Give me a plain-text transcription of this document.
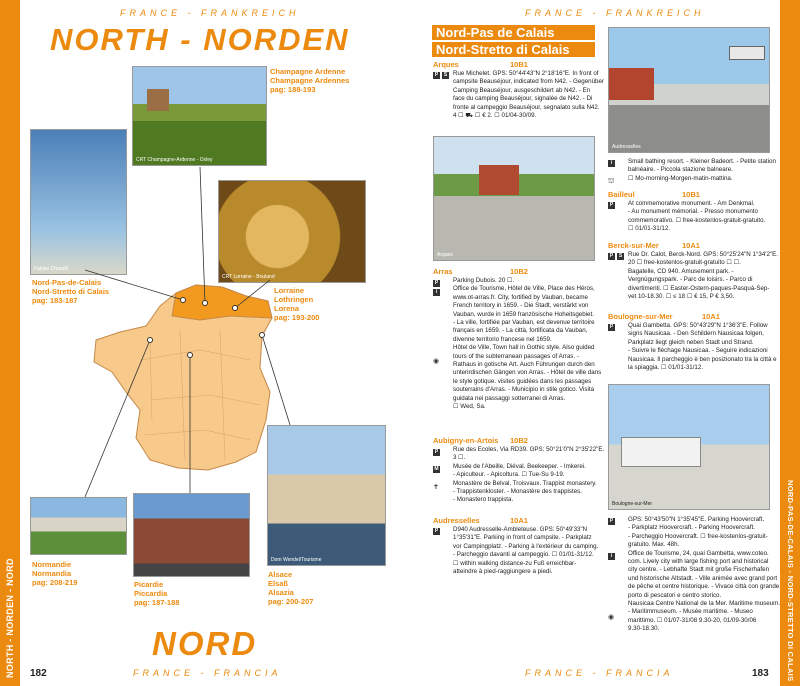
NORTH - NORDEN - NORD
FRANCE - FRANKREICH
NORTH - NORDEN
CRT Champagne-Ardenne - Oxley
Fabian Charaffi
CRT Lorraine - Bouland
Dom Wendel/Tourisme
Champagne Ardenne
Champagne Ardennes
pag: 188-193
Nord-Pas-de-Calais
Nord-Stretto di Calais
pag: 183-187
Lorraine
Lothringen
Lorena
pag: 193-200
Normandie
Normandia
pag: 208-219	Picardie
Piccardia
pag: 187-188
Alsace
Elsaß
Alsazia
pag: 200-207
NORD
FRANCE - FRANCIA
182
FRANCE - FRANKREICH
NORD-PAS-DE-CALAIS - NORD-STRETTO DI CALAIS
Nord-Pas de Calais
Nord-Stretto di Calais
Arques	10B1
P	S Rue Michelet. GPS: 50°44'43"N 2°18'16"E. In front of
campsite Beauséjour, indicated from N42. - Gegenüber
Camping Beauséjour, ausgeschildert ab N42. - En
face du camping Beauséjour, signalée de N42. - Di
fronte al campeggio Beauséjour, segnalato sulla N42.
4 ☐ ⛟ ☐ € 2. ☐ 01/04-30/09.
Arques
Arras	10B2
P
i
◉
Parking Dubois. 20 ☐.
Office de Tourisme, Hôtel de Ville, Place des Héros,
www.ot-arras.fr. City, fortified by Vauban, became
French territory in 1659. - Die Stadt, verstärkt von
Vauban, wurde in 1659 französische Hoheitsgebiet.
- La ville, fortifiée par Vauban, est devenue territoire
français en 1659. - La città, fortificata da Vauban,
divenne territorio francese nel 1659.
Hôtel de Ville, Town hall in Gothic style. Also guided
tours of the subterranean passages of Arras. -
Rathaus in gotische Art. Auch Führungen durch den
unterirdischen Gängen von Arras. - Hôtel de ville dans
le style gotique. visites guidées dans les passages
souterrains d'Arras. - Municipio in stile gotico. Visita
guidata nei passaggi sotterranei di Arras.
☐ Wed, Sa.
Aubigny-en-Artois 10B2
P
M
✝
Rue des Ecoles, Via RD39. GPS: 50°21'0"N 2°35'22"E.
3 ☐.
Musée de l'Abeille, Diéval. Beekeeper. - Imkerei.
- Apiculteur. - Apicoltura. ☐ Tue-Su 9-19.
Monastère de Belval, Troisvaux. Trappist monastery.
- Trappistenkloster. - Monastère des trappistes.
- Monastero trappista.
Audresselles	10A1
P D940 Audresselle-Ambleteuse. GPS: 50°49'33"N
1°35'31"E. Parking in front of campsite. - Parkplatz
vor Campingplatz. - Parking à l'extérieur du camping.
- Parcheggio davanti al campeggio. ☐ 01/01-31/12.
☐ within walking distance-zu Fuß erreichbar-
atteindre à pied-raggiungere a piedi.
Audresselles
i
⛫
Small bathing resort. - Kleiner Badeort. - Petite station
balnéaire. - Piccola stazione balneare.
☐ Mo-morning-Morgen-matin-mattina.
Bailleul	10B1
P At commemorative monument. - Am Denkmal.
- Au monument mémorial. - Presso monumento
commemorativo. ☐ free-kostenlos-gratuit-gratuito.
☐ 01/01-31/12.
Berck-sur-Mer	10A1
P	S Rue Dr. Calot, Berck-Nord. GPS: 50°25'24"N 1°34'2"E.
20 ☐ free-kostenlos-gratuit-gratuito ☐ ☐.
Bagatelle, CD 940. Amusement park. -
Vergnügungspark. - Parc de loisirs. - Parco di
divertimenti. ☐ Easter-Ostern-paques-Pasquà-Sep-
vet 10-18.30. ☐ ≤ 18 ☐ € 15, P € 3,50.
Boulogne-sur-Mer	10A1
P Quai Gambetta. GPS: 50°43'29"N 1°36'3"E. Follow
signs Nausicaa. - Den Schildern Nausicaa folgen,
Parkplatz liegt gleich neben Stadt und Strand.
- Suivre le fléchage Nausicaa. - Seguire indicazioni
Nausicaa. Il parcheggio è ben posizionato tra la città e
la spiaggia. ☐ 01/01-31/12.
Boulogne-sur-Mer
P
i
◉
GPS: 50°43'50"N 1°35'45"E. Parking Hoovercraft.
- Parkplatz Hoovercraft. - Parking Hoovercraft.
- Parcheggio Hoovercraft. ☐ free-kostenlos-gratuit-
gratuito. Max. 48h.
Office de Tourisme, 24, quai Gambetta, www.coteo.
com. Lively city with large fishing port and historical
city centre. - Lebhafte Stadt mit große Fischerhafen
und historische Altstadt. - Ville animée avec grand port
de pêche et centre historique. - Vivace città con grande
porto di pescatori e centro storico.
Nausicaa Centre National de la Mer. Maritime museum.
- Maritimmuseum. - Musée maritime. - Museo
marittimo. ☐ 01/07-31/08 9.30-20, 01/09-30/06
9.30-18.30.
FRANCE - FRANCIA	183
